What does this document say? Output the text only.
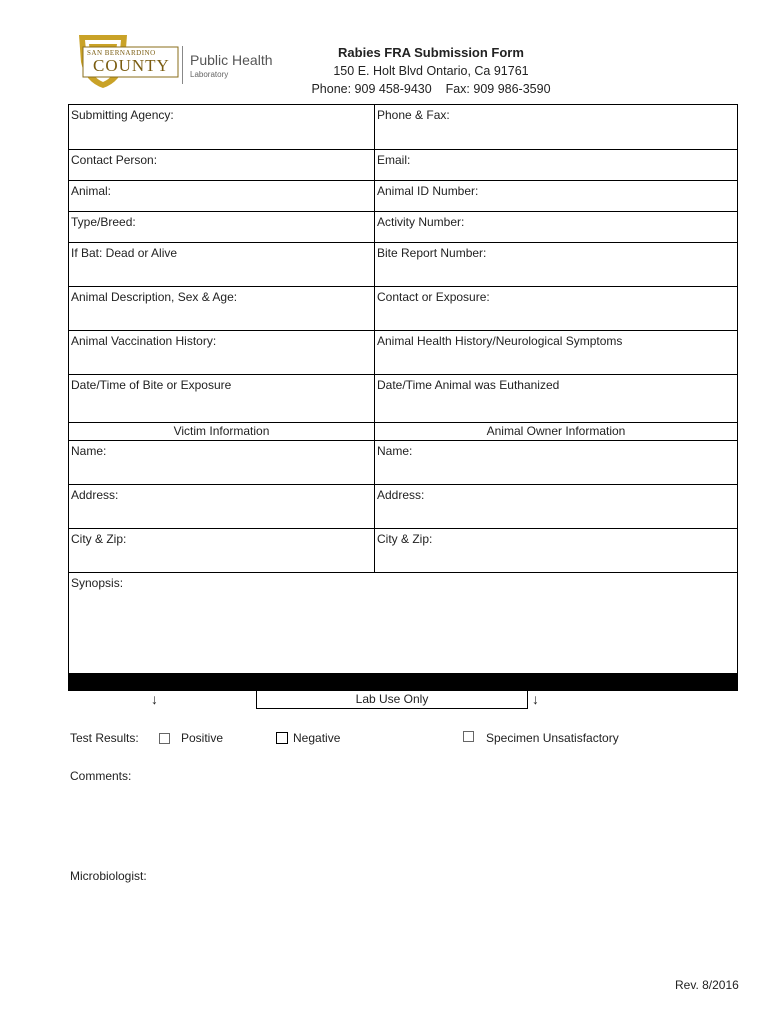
SAN BERNARDINO
COUNTY Public Health
Laboratory
Rabies FRA Submission Form
150 E. Holt Blvd Ontario, Ca 91761
Phone: 909 458-9430    Fax: 909 986-3590
Submitting Agency:	Phone & Fax:
Contact Person:	Email:
Animal:	Animal ID Number:
Type/Breed:	Activity Number:
If Bat: Dead or Alive	Bite Report Number:
Animal Description, Sex & Age:	Contact or Exposure:
Animal Vaccination History:	Animal Health History/Neurological Symptoms
Date/Time of Bite or Exposure	Date/Time Animal was Euthanized
Victim Information	Animal Owner Information
Name:	Name:
Address:	Address:
City & Zip:	City & Zip:
Synopsis:
↓	Lab Use Only	↓
Test Results:	Positive	Negative	Specimen Unsatisfactory
Comments:
Microbiologist:
Rev. 8/2016
